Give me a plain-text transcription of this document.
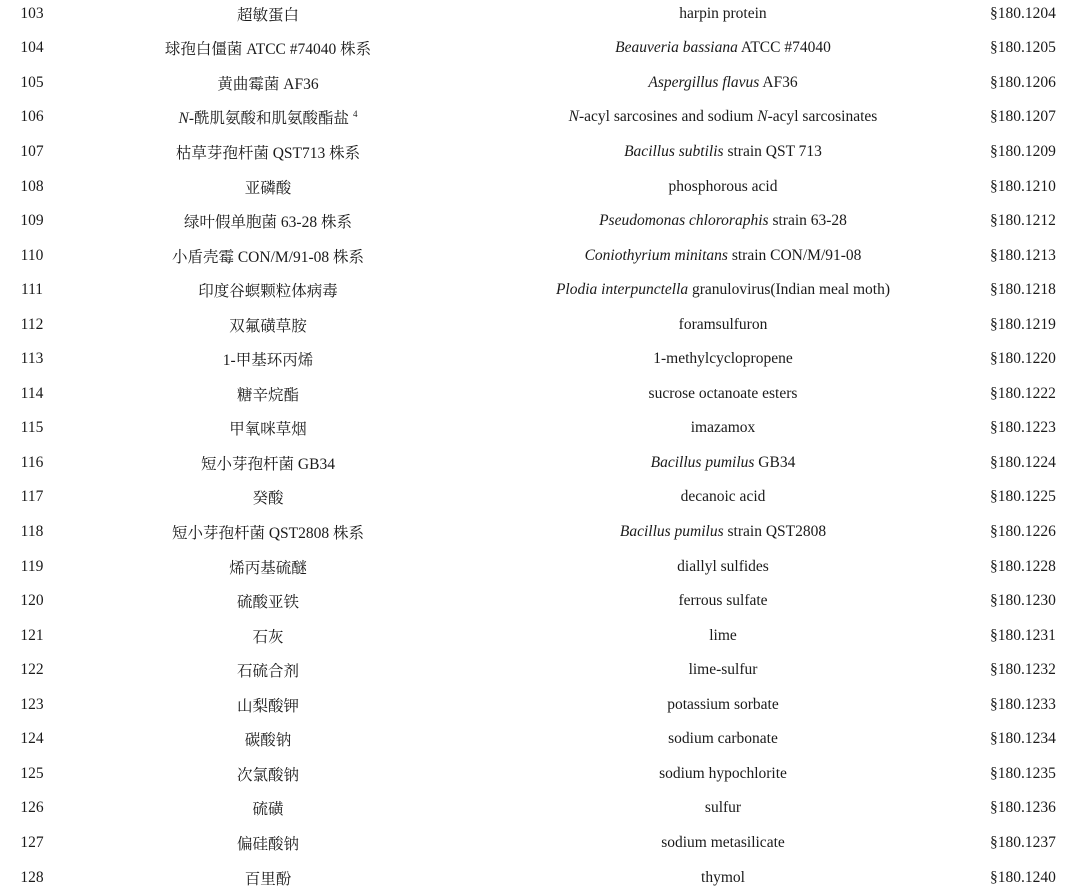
103	超敏蛋白	harpin protein	§180.1204
104	球孢白僵菌 ATCC #74040 株系	Beauveria bassiana ATCC #74040	§180.1205
105	黄曲霉菌 AF36	Aspergillus flavus AF36	§180.1206
106	N-酰肌氨酸和肌氨酸酯盐 $^4$	N-acyl sarcosines and sodium N-acyl sarcosinates	§180.1207
107	枯草芽孢杆菌 QST713 株系	Bacillus subtilis strain QST 713	§180.1209
108	亚磷酸	phosphorous acid	§180.1210
109	绿叶假单胞菌 63-28 株系	Pseudomonas chlororaphis strain 63-28	§180.1212
110	小盾壳霉 CON/M/91-08 株系	Coniothyrium minitans strain CON/M/91-08	§180.1213
111	印度谷螟颗粒体病毒	Plodia interpunctella granulovirus(Indian meal moth)	§180.1218
112	双氟磺草胺	foramsulfuron	§180.1219
113	1-甲基环丙烯	1-methylcyclopropene	§180.1220
114	糖辛烷酯	sucrose octanoate esters	§180.1222
115	甲氧咪草烟	imazamox	§180.1223
116	短小芽孢杆菌 GB34	Bacillus pumilus GB34	§180.1224
117	癸酸	decanoic acid	§180.1225
118	短小芽孢杆菌 QST2808 株系	Bacillus pumilus strain QST2808	§180.1226
119	烯丙基硫醚	diallyl sulfides	§180.1228
120	硫酸亚铁	ferrous sulfate	§180.1230
121	石灰	lime	§180.1231
122	石硫合剂	lime-sulfur	§180.1232
123	山梨酸钾	potassium sorbate	§180.1233
124	碳酸钠	sodium carbonate	§180.1234
125	次氯酸钠	sodium hypochlorite	§180.1235
126	硫磺	sulfur	§180.1236
127	偏硅酸钠	sodium metasilicate	§180.1237
128	百里酚	thymol	§180.1240
